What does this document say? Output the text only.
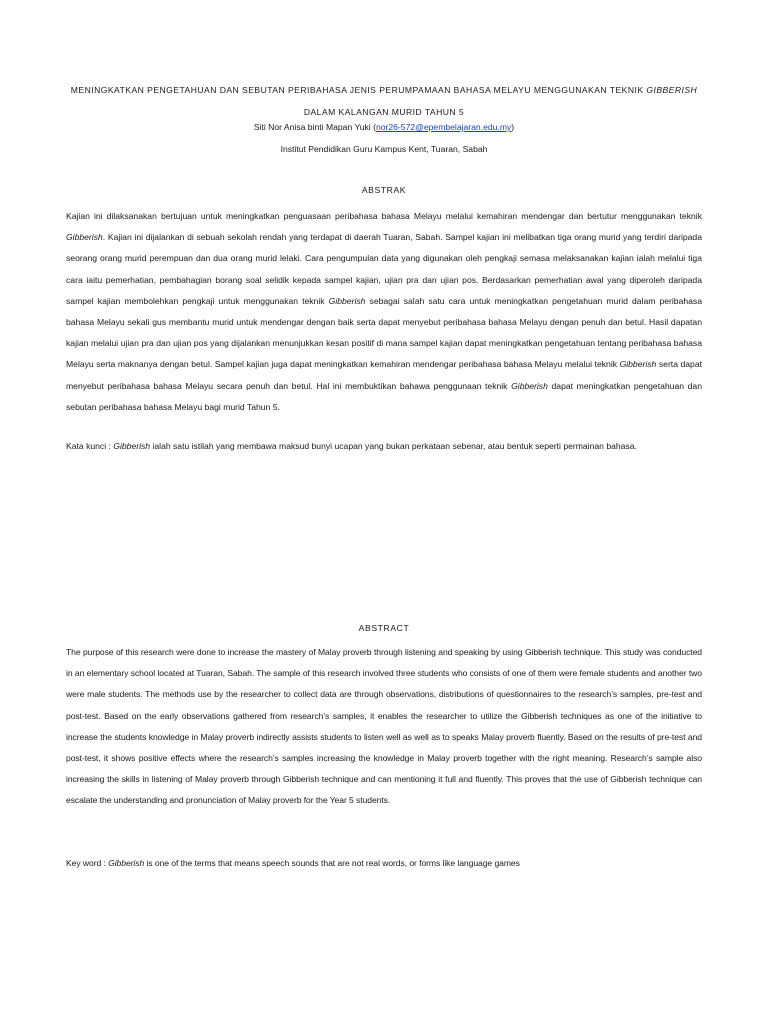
MENINGKATKAN PENGETAHUAN DAN SEBUTAN PERIBAHASA JENIS PERUMPAMAAN BAHASA MELAYU MENGGUNAKAN TEKNIK GIBBERISH
DALAM KALANGAN MURID TAHUN 5
Siti Nor Anisa binti Mapan Yuki (nor26-572@epembelajaran.edu.my)
Institut Pendidikan Guru Kampus Kent, Tuaran, Sabah
ABSTRAK

Kajian ini dilaksanakan bertujuan untuk meningkatkan penguasaan peribahasa bahasa Melayu melalui kemahiran mendengar dan bertutur menggunakan teknik Gibberish. Kajian ini dijalankan di sebuah sekolah rendah yang terdapat di daerah Tuaran, Sabah. Sampel kajian ini melibatkan tiga orang murid yang terdiri daripada seorang orang murid perempuan dan dua orang murid lelaki. Cara pengumpulan data yang digunakan oleh pengkaji semasa melaksanakan kajian ialah melalui tiga cara iaitu pemerhatian, pembahagian borang soal selidik kepada sampel kajian, ujian pra dan ujian pos. Berdasarkan pemerhatian awal yang diperoleh daripada sampel kajian membolehkan pengkaji untuk menggunakan teknik Gibberish sebagai salah satu cara untuk meningkatkan pengetahuan murid dalam peribahasa bahasa Melayu sekali gus membantu murid untuk mendengar dengan baik serta dapat menyebut peribahasa bahasa Melayu dengan penuh dan betul. Hasil dapatan kajian melalui ujian pra dan ujian pos yang dijalankan menunjukkan kesan positif di mana sampel kajian dapat meningkatkan pengetahuan tentang peribahasa bahasa Melayu serta maknanya dengan betul. Sampel kajian juga dapat meningkatkan kemahiran mendengar peribahasa bahasa Melayu melalui teknik Gibberish serta dapat menyebut peribahasa bahasa Melayu secara penuh dan betul. Hal ini membuktikan bahawa penggunaan teknik Gibberish dapat meningkatkan pengetahuan dan sebutan peribahasa bahasa Melayu bagi murid Tahun 5.

Kata kunci : Gibberish ialah satu istilah yang membawa maksud bunyi ucapan yang bukan perkataan sebenar, atau bentuk seperti permainan bahasa.

ABSTRACT

The purpose of this research were done to increase the mastery of Malay proverb through listening and speaking by using Gibberish technique. This study was conducted in an elementary school located at Tuaran, Sabah. The sample of this research involved three students who consists of one of them were female students and another two were male students. The methods use by the researcher to collect data are through observations, distributions of questionnaires to the research’s samples, pre-test and post-test. Based on the early observations gathered from research’s samples, it enables the researcher to utilize the Gibberish techniques as one of the initiative to increase the students knowledge in Malay proverb indirectly assists students to listen well as well as to speaks Malay proverb fluently. Based on the results of pre-test and post-test, it shows positive effects where the research’s samples increasing the knowledge in Malay proverb together with the right meaning. Research’s sample also increasing the skills in listening of Malay proverb through Gibberish technique and can mentioning it full and fluently. This proves that the use of Gibberish technique can escalate the understanding and pronunciation of Malay proverb for the Year 5 students.

Key word : Gibberish is one of the terms that means speech sounds that are not real words, or forms like language games
